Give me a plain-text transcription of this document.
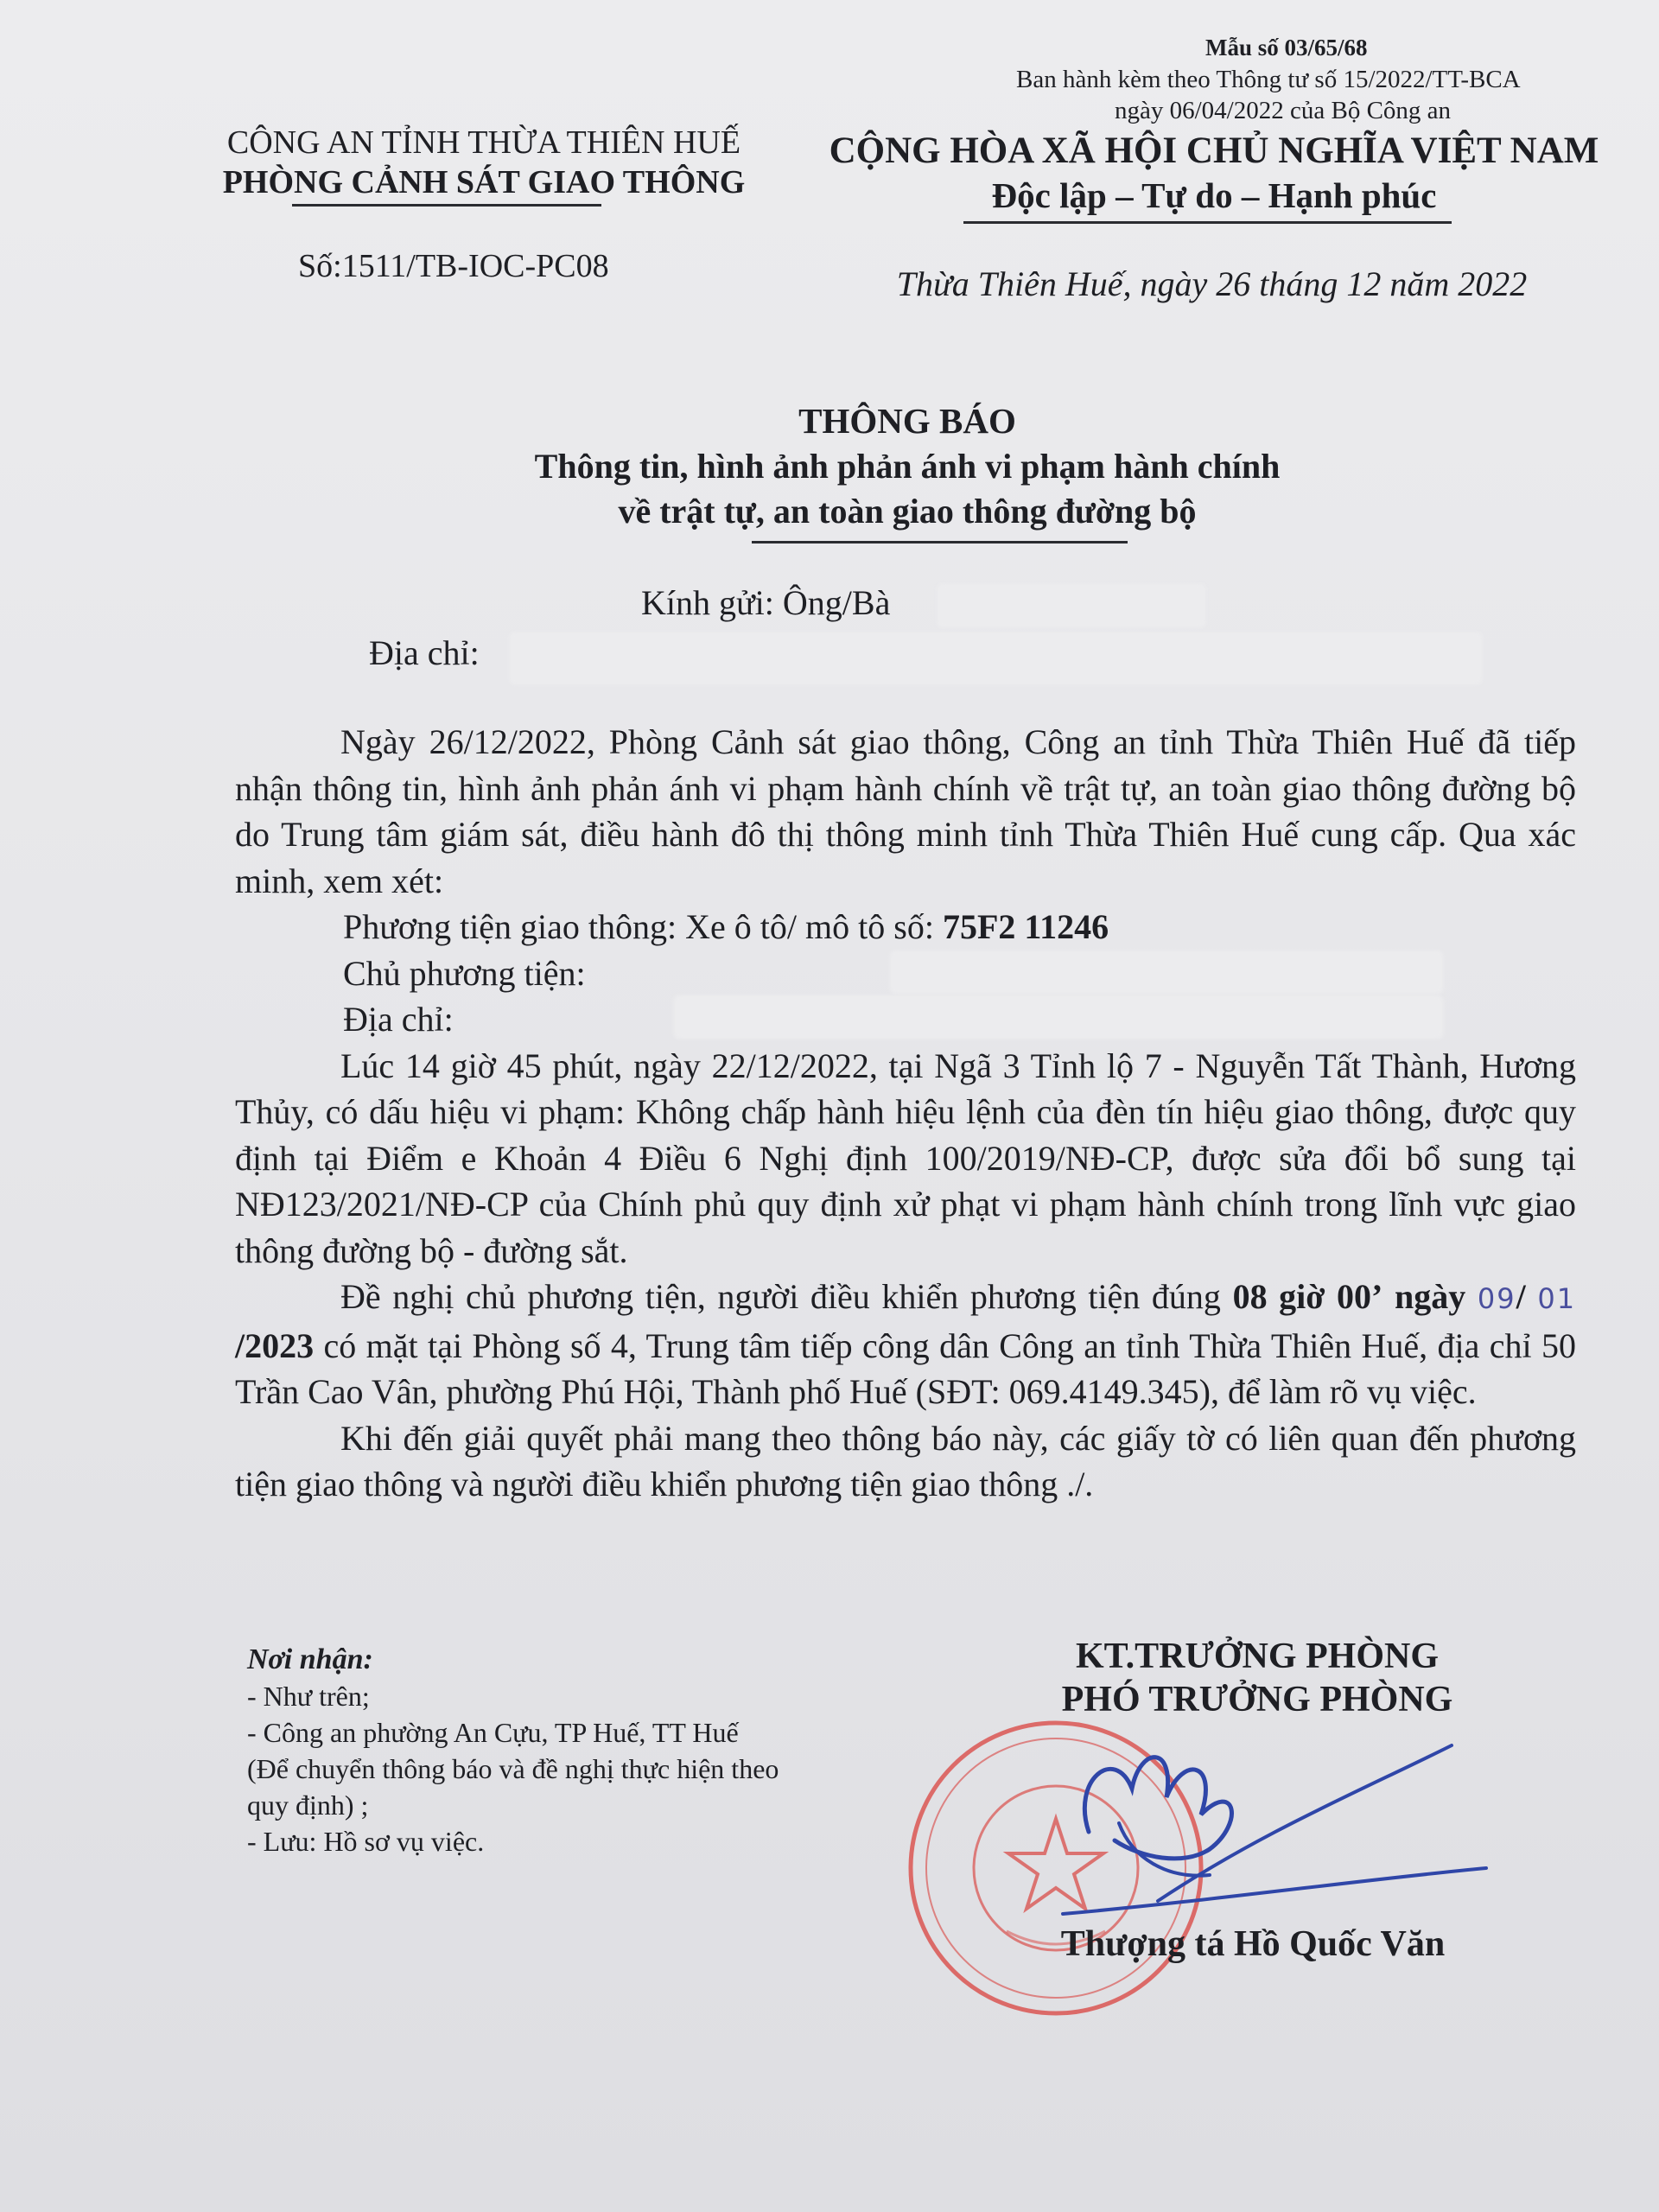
Mẫu số 03/65/68
Ban hành kèm theo Thông tư số 15/2022/TT-BCA
ngày 06/04/2022 của Bộ Công an
CÔNG AN TỈNH THỪA THIÊN HUẾ
PHÒNG CẢNH SÁT GIAO THÔNG
Số:1511/TB-IOC-PC08
CỘNG HÒA XÃ HỘI CHỦ NGHĨA VIỆT NAM
Độc lập – Tự do – Hạnh phúc
Thừa Thiên Huế, ngày 26 tháng 12 năm 2022
THÔNG BÁO
Thông tin, hình ảnh phản ánh vi phạm hành chính
về trật tự, an toàn giao thông đường bộ
Kính gửi: Ông/Bà
Địa chỉ:

Ngày 26/12/2022, Phòng Cảnh sát giao thông, Công an tỉnh Thừa Thiên Huế đã tiếp nhận thông tin, hình ảnh phản ánh vi phạm hành chính về trật tự, an toàn giao thông đường bộ do Trung tâm giám sát, điều hành đô thị thông minh tỉnh Thừa Thiên Huế cung cấp. Qua xác minh, xem xét:

Phương tiện giao thông: Xe ô tô/ mô tô số: 75F2 11246

Chủ phương tiện:

Địa chỉ:

Lúc 14 giờ 45 phút, ngày 22/12/2022, tại Ngã 3 Tỉnh lộ 7 - Nguyễn Tất Thành, Hương Thủy, có dấu hiệu vi phạm: Không chấp hành hiệu lệnh của đèn tín hiệu giao thông, được quy định tại Điểm e Khoản 4 Điều 6 Nghị định 100/2019/NĐ-CP, được sửa đổi bổ sung tại NĐ123/2021/NĐ-CP của Chính phủ quy định xử phạt vi phạm hành chính trong lĩnh vực giao thông đường bộ - đường sắt.

Đề nghị chủ phương tiện, người điều khiển phương tiện đúng 08 giờ 00’ ngày 09/ 01 /2023 có mặt tại Phòng số 4, Trung tâm tiếp công dân Công an tỉnh Thừa Thiên Huế, địa chỉ 50 Trần Cao Vân, phường Phú Hội, Thành phố Huế (SĐT: 069.4149.345), để làm rõ vụ việc.

Khi đến giải quyết phải mang theo thông báo này, các giấy tờ có liên quan đến phương tiện giao thông và người điều khiển phương tiện giao thông ./.

Nơi nhận:
- Như trên;
- Công an phường An Cựu, TP Huế, TT Huế
(Để chuyển thông báo và đề nghị thực hiện theo
quy định) ;
- Lưu: Hồ sơ vụ việc.
KT.TRƯỞNG PHÒNG
PHÓ TRƯỞNG PHÒNG
Thượng tá Hồ Quốc Văn
